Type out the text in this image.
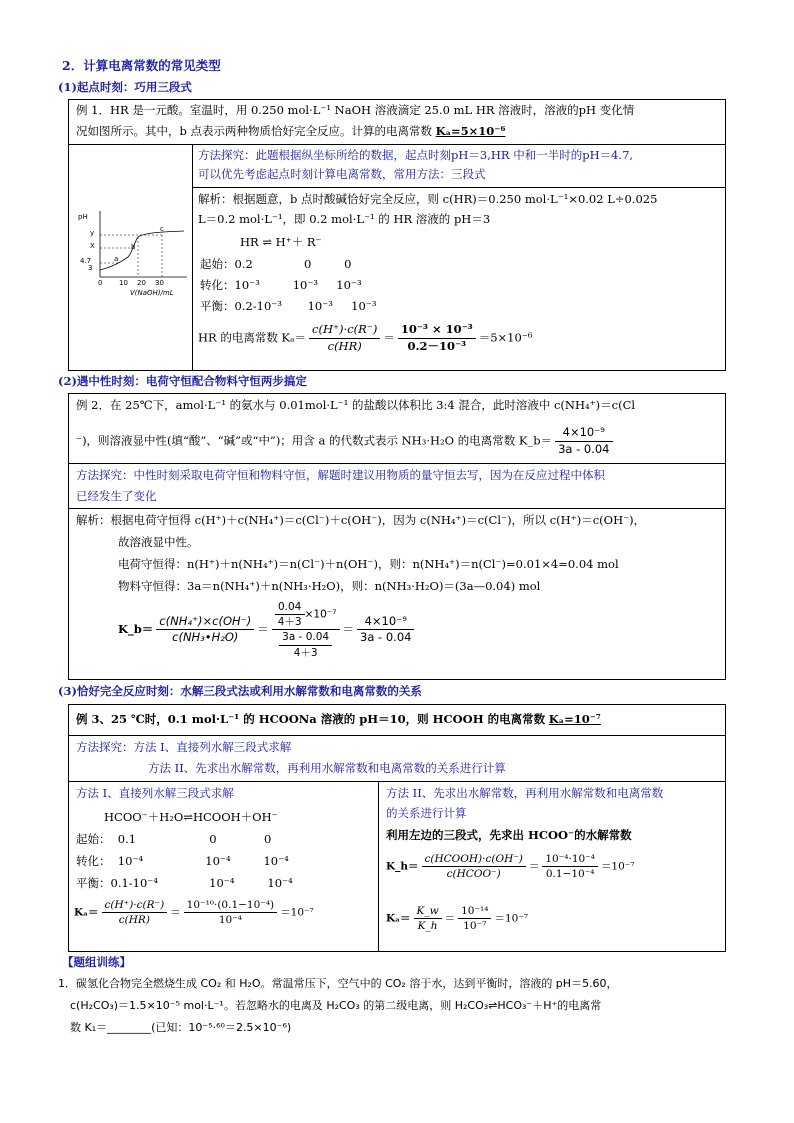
2．计算电离常数的常见类型
(1)起点时刻：巧用三段式
例 1．HR 是一元酸。室温时，用 0.250 mol·L⁻¹ NaOH 溶液滴定 25.0 mL HR 溶液时，溶液的pH 变化情
况如图所示。其中，b 点表示两种物质恰好完全反应。计算的电离常数 Kₐ=5×10⁻⁶
方法探究：此题根据纵坐标所给的数据，起点时刻pH＝3,HR 中和一半时的pH＝4.7,
可以优先考虑起点时刻计算电离常数，常用方法：三段式
解析：根据题意，b 点时酸碱恰好完全反应，则 c(HR)＝0.250 mol·L⁻¹×0.02 L÷0.025
L＝0.2 mol·L⁻¹，即 0.2 mol·L⁻¹ 的 HR 溶液的 pH＝3
HR ⇌ H⁺＋ R⁻
起始：0.2              0         0
转化：10⁻³         10⁻³     10⁻³
平衡：0.2-10⁻³       10⁻³     10⁻³
HR 的电离常数 $K_a= \frac{c(H^+)\cdot c(R^-)}{c(HR)} = \frac{\text{10⁻³ × 10⁻³}}{\text{0.2－10⁻³}} =5\times 10^{-6}$
pH
y
X
4.7
3
0 10 20 30
V(NaOH)/mL
a
b
c
(2)遇中性时刻：电荷守恒配合物料守恒两步搞定
例 2．在 25℃下，amol·L⁻¹ 的氨水与 0.01mol·L⁻¹ 的盐酸以体积比 3:4 混合，此时溶液中 c(NH₄⁺)＝c(Cl
⁻)，则溶液显中性(填“酸”、“碱”或“中”)；用含 a 的代数式表示 NH₃·H₂O 的电离常数 K_b＝ $\frac{\text{4×10⁻⁹}}{3a - 0.04}$
方法探究：中性时刻采取电荷守恒和物料守恒，解题时建议用物质的量守恒去写，因为在反应过程中体积
已经发生了变化
解析：根据电荷守恒得 c(H⁺)＋c(NH₄⁺)＝c(Cl⁻)＋c(OH⁻)，因为 c(NH₄⁺)＝c(Cl⁻)，所以 c(H⁺)＝c(OH⁻)，
故溶液显中性。
电荷守恒得：n(H⁺)＋n(NH₄⁺)＝n(Cl⁻)＋n(OH⁻)，则：n(NH₄⁺)＝n(Cl⁻)=0.01×4=0.04 mol
物料守恒得：3a＝n(NH₄⁺)＋n(NH₃·H₂O)，则：n(NH₃·H₂O)＝(3a—0.04) mol
K_b＝ $\frac{\text{c(NH₄⁺)×c(OH⁻)}}{\text{c(NH₃•H₂O)}} = \frac{\frac{0.04}{4+3} \times 10^{-7}}{\frac{3a - 0.04}{4+3}} = \frac{\text{4×10⁻⁹}}{3a - 0.04}$
(3)恰好完全反应时刻：水解三段式法或利用水解常数和电离常数的关系
例 3、25 ℃时，0.1 mol·L⁻¹ 的 HCOONa 溶液的 pH＝10，则 HCOOH 的电离常数 Kₐ=10⁻⁷
方法探究：方法 I、直接列水解三段式求解
方法 II、先求出水解常数，再利用水解常数和电离常数的关系进行计算
方法 I、直接列水解三段式求解
HCOO⁻＋H₂O⇌HCOOH＋OH⁻
起始：  0.1                    0             0
转化：  10⁻⁴                 10⁻⁴         10⁻⁴
平衡：0.1-10⁻⁴              10⁻⁴         10⁻⁴
$K_a= \frac{c(H^+)\cdot c(R^-)}{c(HR)} = \frac{\text{10⁻¹⁰·(0.1−10⁻⁴)}}{\text{10⁻⁴}} =10^{-7}$
方法 II、先求出水解常数，再利用水解常数和电离常数
的关系进行计算
利用左边的三段式，先求出 HCOO⁻的水解常数
K_h＝ $\frac{\text{c(HCOOH)·c(OH⁻)}}{\text{c(HCOO⁻)}} = \frac{\text{10⁻⁴·10⁻⁴}}{\text{0.1−10⁻⁴}} =10^{-7}$
$K_a= \frac{K\_w}{K\_h} = \frac{\text{10⁻¹⁴}}{\text{10⁻⁷}} =10^{-7}$
【题组训练】
1．碳氢化合物完全燃烧生成 CO₂ 和 H₂O。常温常压下，空气中的 CO₂ 溶于水，达到平衡时，溶液的 pH＝5.60，
c(H₂CO₃)＝1.5×10⁻⁵ mol·L⁻¹。若忽略水的电离及 H₂CO₃ 的第二级电离，则 H₂CO₃⇌HCO₃⁻＋H⁺的电离常
数 K₁＝________(已知：10⁻⁵·⁶⁰＝2.5×10⁻⁶)
